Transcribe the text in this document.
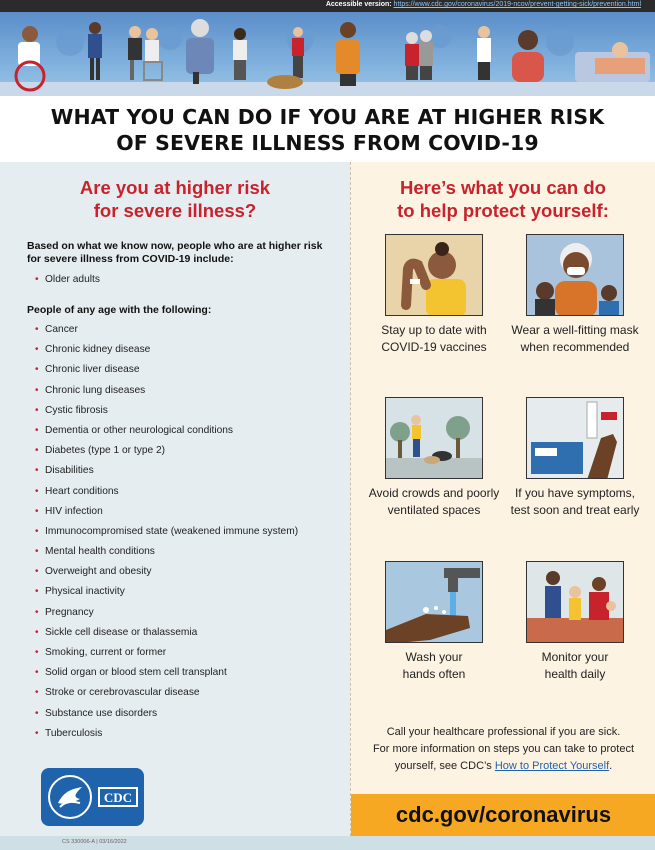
Accessible version: https://www.cdc.gov/coronavirus/2019-ncov/prevent-getting-sick/prevention.html
WHAT YOU CAN DO IF YOU ARE AT HIGHER RISK
OF SEVERE ILLNESS FROM COVID-19
Are you at higher risk
for severe illness?

Based on what we know now, people who are at higher risk for severe illness from COVID-19 include:

• Older adults

People of any age with the following:

• Cancer
• Chronic kidney disease
• Chronic liver disease
• Chronic lung diseases
• Cystic fibrosis
• Dementia or other neurological conditions
• Diabetes (type 1 or type 2)
• Disabilities
• Heart conditions
• HIV infection
• Immunocompromised state (weakened immune system)
• Mental health conditions
• Overweight and obesity
• Physical inactivity
• Pregnancy
• Sickle cell disease or thalassemia
• Smoking, current or former
• Solid organ or blood stem cell transplant
• Stroke or cerebrovascular disease
• Substance use disorders
• Tuberculosis
CDC
Here’s what you can do
to help protect yourself:
Stay up to date with
COVID-19 vaccines
Wear a well-fitting mask
when recommended
Avoid crowds and poorly
ventilated spaces
If you have symptoms,
test soon and treat early
Wash your
hands often
Monitor your
health daily
Call your healthcare professional if you are sick.
For more information on steps you can take to protect
yourself, see CDC’s How to Protect Yourself.
cdc.gov/coronavirus
CS 330006-A | 03/16/2022
